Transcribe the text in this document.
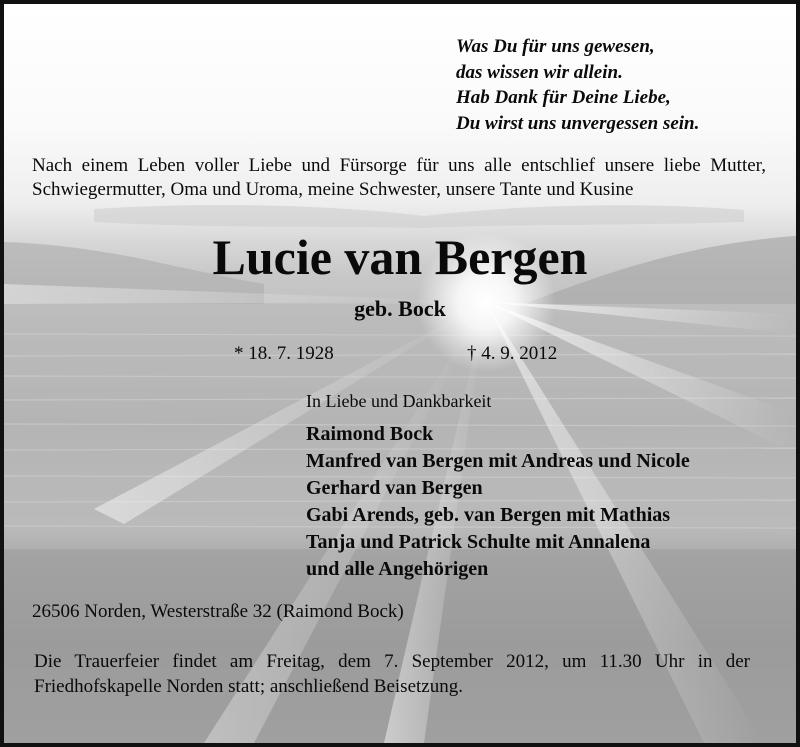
Was Du für uns gewesen,
das wissen wir allein.
Hab Dank für Deine Liebe,
Du wirst uns unvergessen sein.

Nach einem Leben voller Liebe und Fürsorge für uns alle entschlief unsere liebe Mutter, Schwiegermutter, Oma und Uroma, meine Schwester, unsere Tante und Kusine

Lucie van Bergen
geb. Bock
* 18. 7. 1928	† 4. 9. 2012
In Liebe und Dankbarkeit
Raimond Bock
Manfred van Bergen mit Andreas und Nicole
Gerhard van Bergen
Gabi Arends, geb. van Bergen mit Mathias
Tanja und Patrick Schulte mit Annalena
und alle Angehörigen
26506 Norden, Westerstraße 32 (Raimond Bock)

Die Trauerfeier findet am Freitag, dem 7. September 2012, um 11.30 Uhr in der Friedhofskapelle Norden statt; anschließend Beisetzung.
